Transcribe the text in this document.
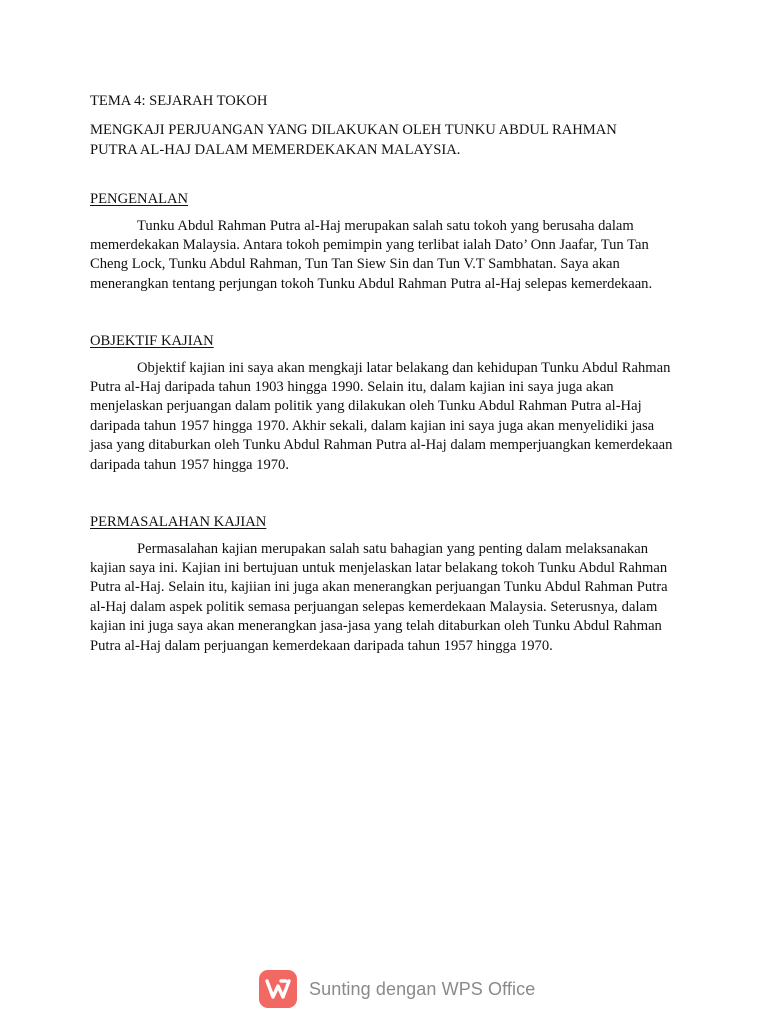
TEMA 4: SEJARAH TOKOH
MENGKAJI PERJUANGAN YANG DILAKUKAN OLEH TUNKU ABDUL RAHMAN
PUTRA AL-HAJ DALAM MEMERDEKAKAN MALAYSIA.
PENGENALAN

Tunku Abdul Rahman Putra al-Haj merupakan salah satu tokoh yang berusaha dalam memerdekakan Malaysia. Antara tokoh pemimpin yang terlibat ialah Dato’ Onn Jaafar, Tun Tan Cheng Lock, Tunku Abdul Rahman, Tun Tan Siew Sin dan Tun V.T Sambhatan. Saya akan menerangkan tentang perjungan tokoh Tunku Abdul Rahman Putra al-Haj selepas kemerdekaan.

OBJEKTIF KAJIAN

Objektif kajian ini saya akan mengkaji latar belakang dan kehidupan Tunku Abdul Rahman Putra al-Haj daripada tahun 1903 hingga 1990. Selain itu, dalam kajian ini saya juga akan menjelaskan perjuangan dalam politik yang dilakukan oleh Tunku Abdul Rahman Putra al-Haj daripada tahun 1957 hingga 1970. Akhir sekali, dalam kajian ini saya juga akan menyelidiki jasa jasa yang ditaburkan oleh Tunku Abdul Rahman Putra al-Haj dalam memperjuangkan kemerdekaan daripada tahun 1957 hingga 1970.

PERMASALAHAN KAJIAN

Permasalahan kajian merupakan salah satu bahagian yang penting dalam melaksanakan kajian saya ini. Kajian ini bertujuan untuk menjelaskan latar belakang tokoh Tunku Abdul Rahman Putra al-Haj. Selain itu, kajiian ini juga akan menerangkan perjuangan Tunku Abdul Rahman Putra al-Haj dalam aspek politik semasa perjuangan selepas kemerdekaan Malaysia. Seterusnya, dalam kajian ini juga saya akan menerangkan jasa-jasa yang telah ditaburkan oleh Tunku Abdul Rahman Putra al-Haj dalam perjuangan kemerdekaan daripada tahun 1957 hingga 1970.

Sunting dengan WPS Office
